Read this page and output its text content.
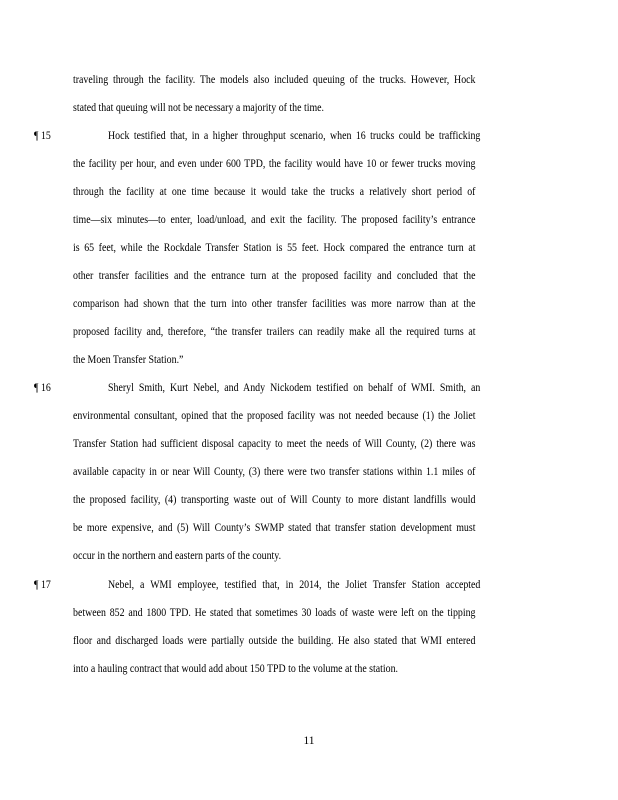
traveling through the facility. The models also included queuing of the trucks. However, Hock
stated that queuing will not be necessary a majority of the time.
¶ 15	Hock testified that, in a higher throughput scenario, when 16 trucks could be trafficking
the facility per hour, and even under 600 TPD, the facility would have 10 or fewer trucks moving
through the facility at one time because it would take the trucks a relatively short period of
time—six minutes—to enter, load/unload, and exit the facility. The proposed facility’s entrance
is 65 feet, while the Rockdale Transfer Station is 55 feet. Hock compared the entrance turn at
other transfer facilities and the entrance turn at the proposed facility and concluded that the
comparison had shown that the turn into other transfer facilities was more narrow than at the
proposed facility and, therefore, “the transfer trailers can readily make all the required turns at
the Moen Transfer Station.”
¶ 16	Sheryl Smith, Kurt Nebel, and Andy Nickodem testified on behalf of WMI. Smith, an
environmental consultant, opined that the proposed facility was not needed because (1) the Joliet
Transfer Station had sufficient disposal capacity to meet the needs of Will County, (2) there was
available capacity in or near Will County, (3) there were two transfer stations within 1.1 miles of
the proposed facility, (4) transporting waste out of Will County to more distant landfills would
be more expensive, and (5) Will County’s SWMP stated that transfer station development must
occur in the northern and eastern parts of the county.
¶ 17	Nebel, a WMI employee, testified that, in 2014, the Joliet Transfer Station accepted
between 852 and 1800 TPD. He stated that sometimes 30 loads of waste were left on the tipping
floor and discharged loads were partially outside the building. He also stated that WMI entered
into a hauling contract that would add about 150 TPD to the volume at the station.
11
